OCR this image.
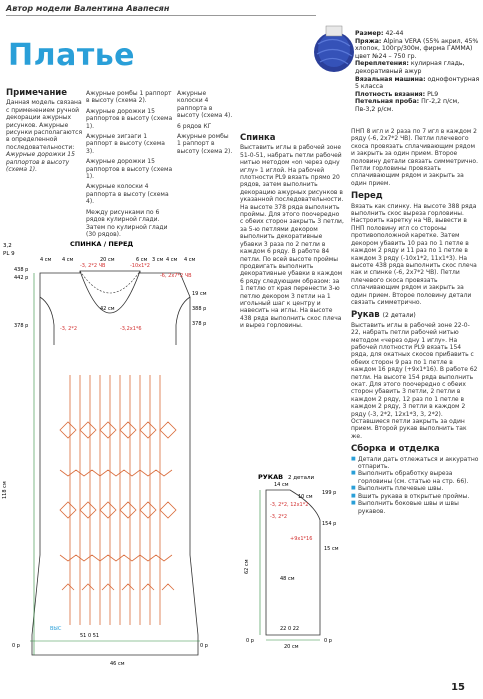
Автор модели Валентина Авапесян
Платье
Размер: 42-44
Пряжа: Alpina VERA (55% акрил, 45% хлопок, 100гр/300м, фирма ГАММА) цвет №24 – 750 гр.
Переплетения: кулирная гладь, декоративный ажур
Вязальная машина: однофонтурная 5 класса
Плотность вязания: PL9
Петельная проба: Пг-2,2 п/см, Пв-3,2 р/см.
Примечание
Данная модель связана с применением ручной декорации ажурных рисунков. Ажурные рисунки располагаются в определенной последовательности:
Ажурные дорожки 15 раппортов в высоту (схема 1).
Ажурные ромбы 1 раппорт в высоту (схема 2).
Ажурные дорожки 15 раппортов в высоту (схема 1).
Ажурные зигзаги 1 раппорт в высоту (схема 3).
Ажурные дорожки 15 раппортов в высоту (схема 1).
Ажурные колоски 4 раппорта в высоту (схема 4).
Между рисунками по 6 рядов кулирной глади. Затем по кулирной глади (30 рядов).
Ажурные колоски 4 раппорта в высоту (схема 4).
6 рядов КГ
Ажурные ромбы 1 раппорт в высоту (схема 2).
Спинка
Выставить иглы в рабочей зоне 51-0-51, набрать петли рабочей нитью методом «on через одну иглу» 1 иглой. На рабочей плотности PL9 вязать прямо 20 рядов, затем выполнить декорацию ажурных рисунков в указанной последовательности. На высоте 378 ряда выполнить проймы. Для этого поочередно с обеих сторон закрыть 3 петли, за 5-ю петлями декором выполнить декоративные убавки 3 раза по 2 петли в каждом 6 ряду. В работе 84 петли. По всей высоте проймы продвигать выполнить декоративные убавки в каждом 6 ряду следующим образом: за 1 петлю от края перенести 3-ю петлю декором 3 петли на 1 игольный шаг к центру и навесить на иглы. На высоте 438 ряда выполнить скос плеча и вырез горловины.
ПНП 8 игл и 2 раза по 7 игл в каждом 2 ряду (-6, 2х7*2 ЧВ). Петли плечевого скоса провязать сплачивающим рядом и закрыть за один прием. Второе половину детали связать симметрично. Петли горловины провязать сплачивающим рядом и закрыть за один прием.
Перед
Вязать как спинку. На высоте 388 ряда выполнить скос выреза горловины. Настроить каретку на ЧВ, вывести в ПНП половину игл со стороны противоположной каретке. Затем декором убавить 10 раз по 1 петле в каждом 2 ряду и 11 раз по 1 петле в каждом 3 ряду (-10х1*2, 11х1*3). На высоте 438 ряда выполнить скос плеча как и спинке (-6, 2х7*2 ЧВ). Петли плечевого скоса провязать сплачивающим рядом и закрыть за один прием. Второе половину детали связать симметрично.
Рукав (2 детали)
Выставить иглы в рабочей зоне 22-0-22, набрать петли рабочей нитью методом «через одну 1 иглу». На рабочей плотности PL9 вязать 154 ряда, для окатных скосов прибавить с обеих сторон 9 раз по 1 петле в каждом 16 ряду (+9х1*16). В работе 62 петли. На высоте 154 ряда выполнить окат. Для этого поочередно с обеих сторон убавить 3 петли, 2 петли в каждом 2 ряду, 12 раз по 1 петле в каждом 2 ряду, 3 петли в каждом 2 ряду (-3, 2*2, 12х1*3, 3, 2*2). Оставшиеся петли закрыть за один прием. Второй рукав выполнить так же.
Сборка и отделка
■ Детали дать отлежаться и аккуратно отпарить.
■ Выполнить обработку выреза горловины (см. статью на стр. 66).
■ Выполнить плечевые швы.
■ Вшить рукава в открытые проймы.
■ Выполнить боковые швы и швы рукавов.
СПИНКА / ПЕРЕД
3,2
PL 9
4 см 4 см	20 см	6 см 3 см 4 см 4 см
-3, 2*2 ЧВ	-10х1*2
-6, 2х7*2 ЧВ
438 р
442 р
388 р
378 р	378 р
42 см
19 см
-3, 2*2	-3,2х1*6
51 0 51
46 см
118 см
0 р	0 р
ВЫС
РУКАВ 2 детали
14 см
10 см
62 см
48 см
199 р
154 р
0 р	0 р
-3, 2*2, 12х1*2
+9х1*16
22 0 22
20 см
15 см
-3, 2*2
15
